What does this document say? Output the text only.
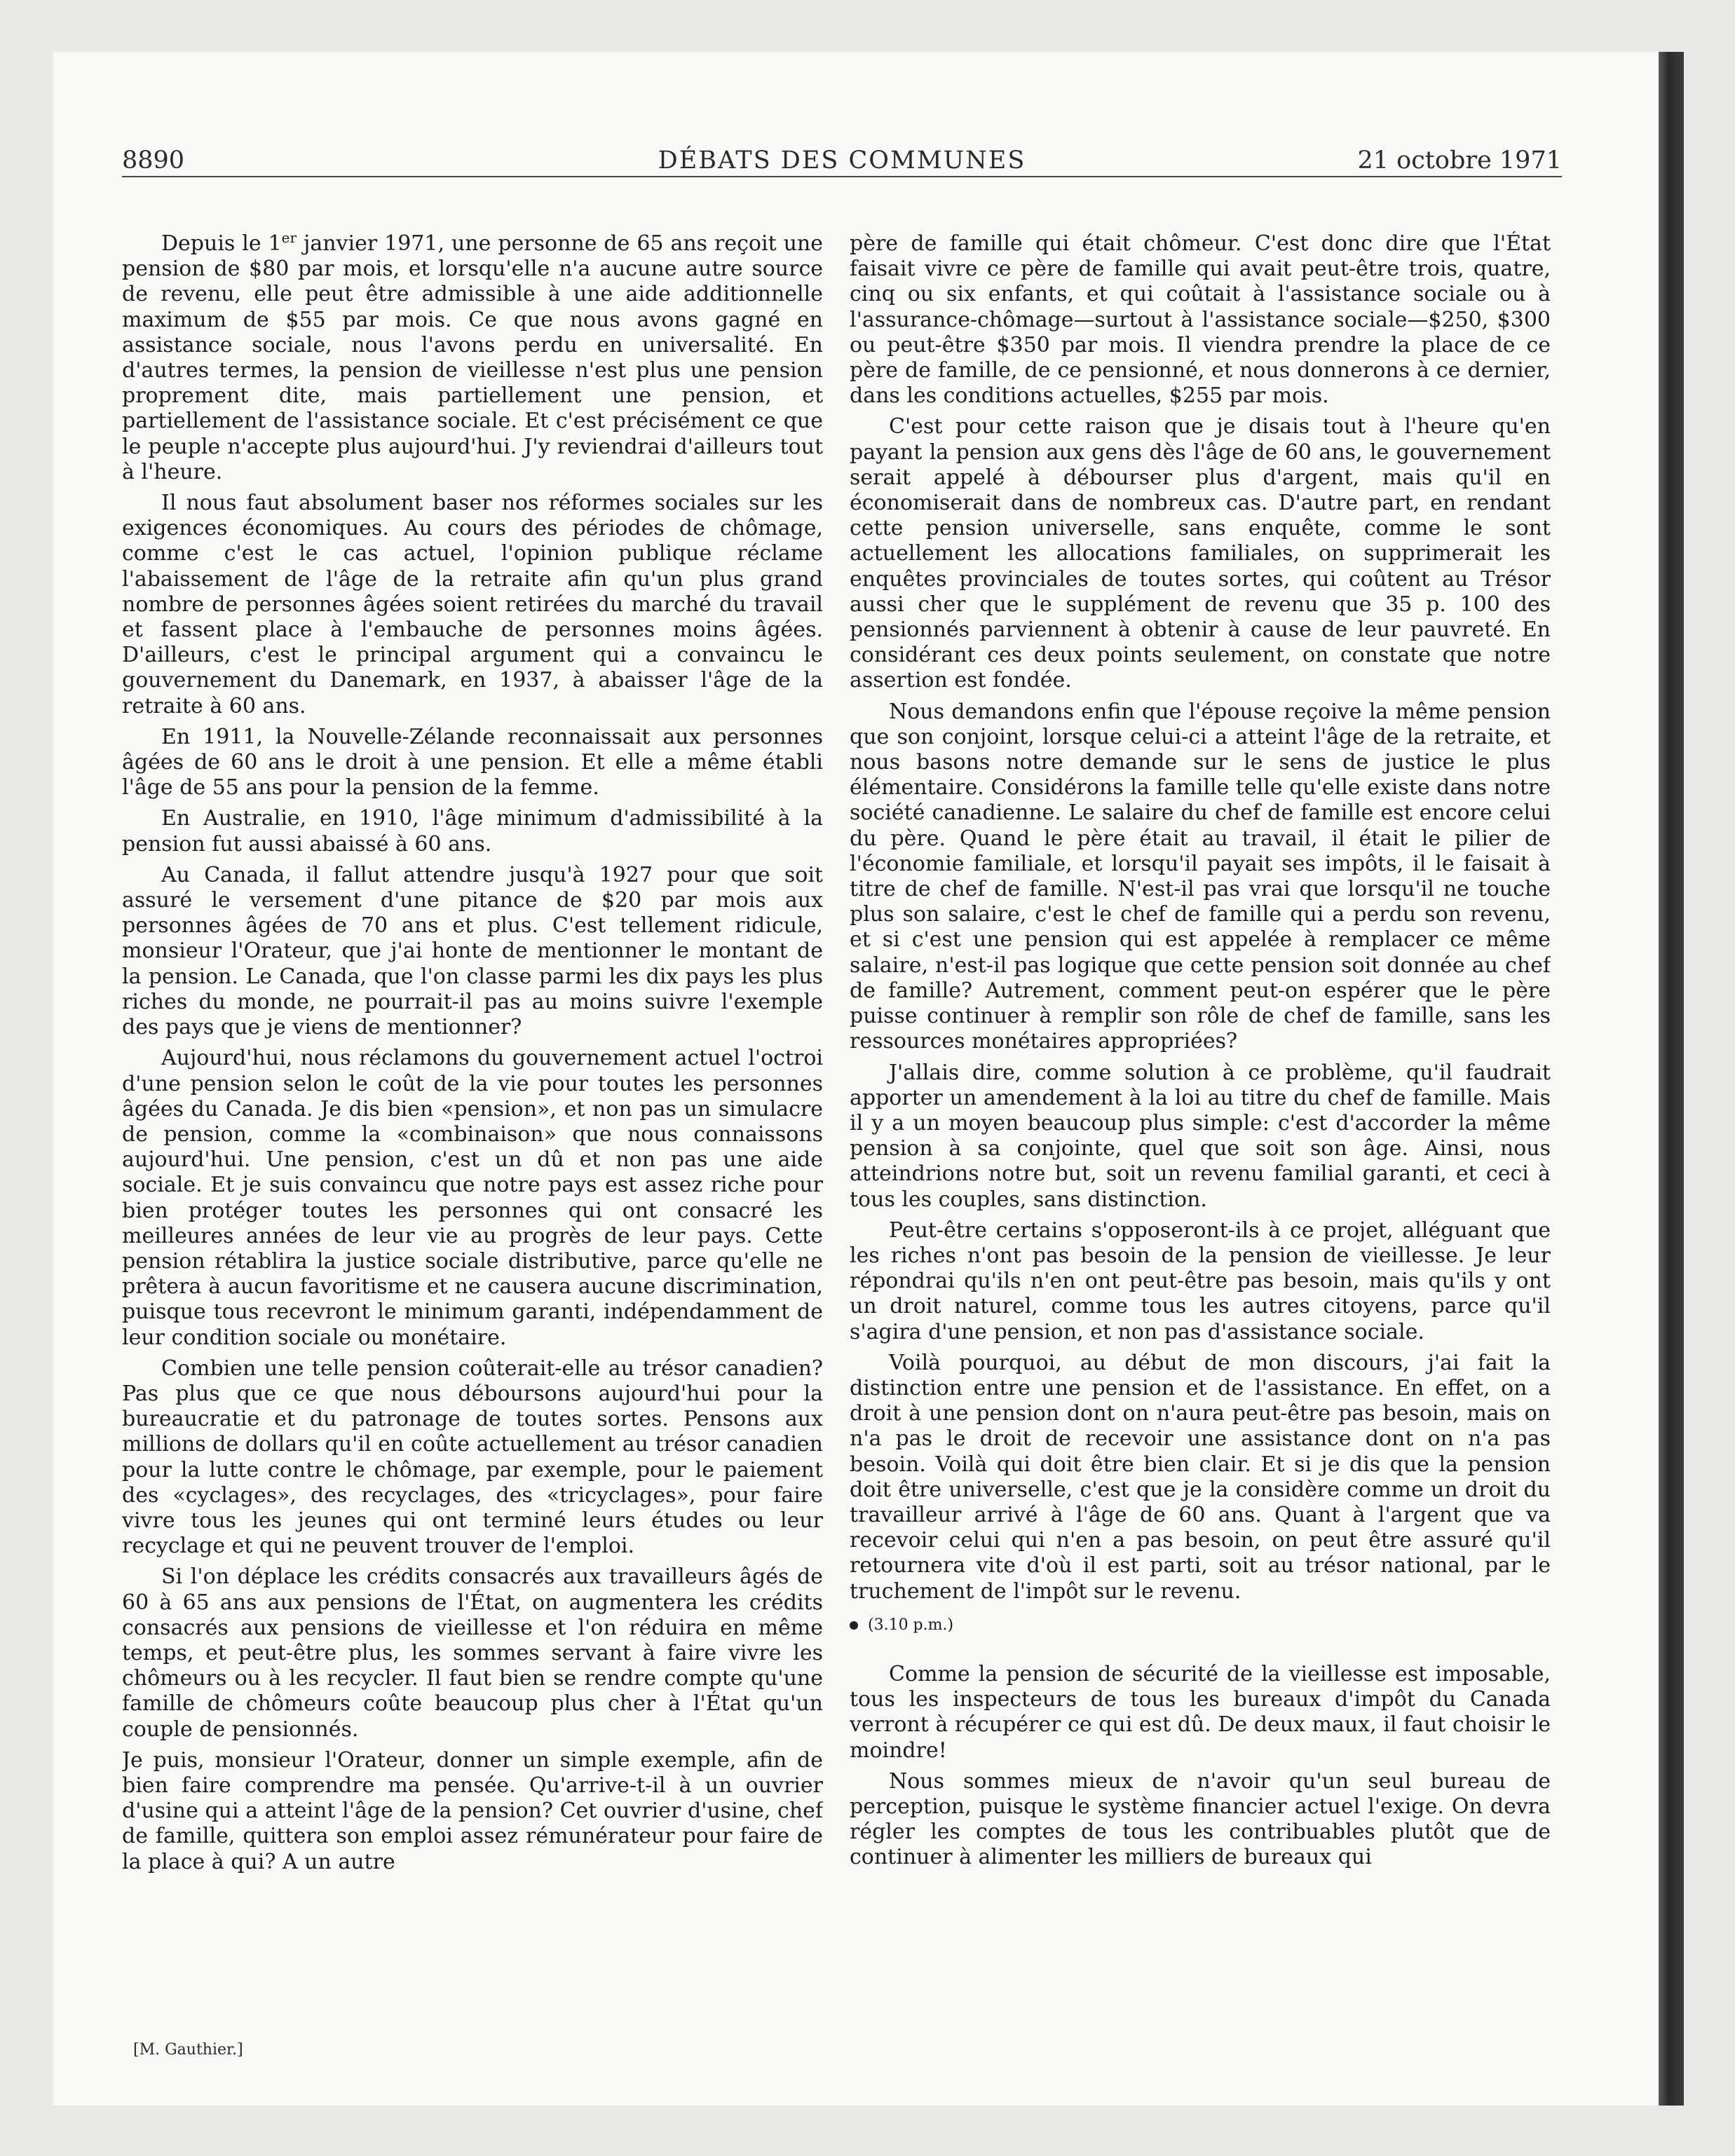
8890	DÉBATS DES COMMUNES	21 octobre 1971

Depuis le 1er janvier 1971, une personne de 65 ans reçoit une pension de $80 par mois, et lorsqu'elle n'a aucune autre source de revenu, elle peut être admissible à une aide additionnelle maximum de $55 par mois. Ce que nous avons gagné en assistance sociale, nous l'avons perdu en universalité. En d'autres termes, la pension de vieillesse n'est plus une pension proprement dite, mais partiellement une pension, et partiellement de l'assistance sociale. Et c'est précisément ce que le peuple n'accepte plus aujourd'hui. J'y reviendrai d'ailleurs tout à l'heure.

Il nous faut absolument baser nos réformes sociales sur les exigences économiques. Au cours des périodes de chômage, comme c'est le cas actuel, l'opinion publique réclame l'abaissement de l'âge de la retraite afin qu'un plus grand nombre de personnes âgées soient retirées du marché du travail et fassent place à l'embauche de personnes moins âgées. D'ailleurs, c'est le principal argument qui a convaincu le gouvernement du Danemark, en 1937, à abaisser l'âge de la retraite à 60 ans.

En 1911, la Nouvelle-Zélande reconnaissait aux personnes âgées de 60 ans le droit à une pension. Et elle a même établi l'âge de 55 ans pour la pension de la femme.

En Australie, en 1910, l'âge minimum d'admissibilité à la pension fut aussi abaissé à 60 ans.

Au Canada, il fallut attendre jusqu'à 1927 pour que soit assuré le versement d'une pitance de $20 par mois aux personnes âgées de 70 ans et plus. C'est tellement ridicule, monsieur l'Orateur, que j'ai honte de mentionner le montant de la pension. Le Canada, que l'on classe parmi les dix pays les plus riches du monde, ne pourrait-il pas au moins suivre l'exemple des pays que je viens de mentionner?

Aujourd'hui, nous réclamons du gouvernement actuel l'octroi d'une pension selon le coût de la vie pour toutes les personnes âgées du Canada. Je dis bien «pension», et non pas un simulacre de pension, comme la «combinaison» que nous connaissons aujourd'hui. Une pension, c'est un dû et non pas une aide sociale. Et je suis convaincu que notre pays est assez riche pour bien protéger toutes les personnes qui ont consacré les meilleures années de leur vie au progrès de leur pays. Cette pension rétablira la justice sociale distributive, parce qu'elle ne prêtera à aucun favoritisme et ne causera aucune discrimination, puisque tous recevront le minimum garanti, indépendamment de leur condition sociale ou monétaire.

Combien une telle pension coûterait-elle au trésor canadien? Pas plus que ce que nous déboursons aujourd'hui pour la bureaucratie et du patronage de toutes sortes. Pensons aux millions de dollars qu'il en coûte actuellement au trésor canadien pour la lutte contre le chômage, par exemple, pour le paiement des «cyclages», des recyclages, des «tricyclages», pour faire vivre tous les jeunes qui ont terminé leurs études ou leur recyclage et qui ne peuvent trouver de l'emploi.

Si l'on déplace les crédits consacrés aux travailleurs âgés de 60 à 65 ans aux pensions de l'État, on augmentera les crédits consacrés aux pensions de vieillesse et l'on réduira en même temps, et peut-être plus, les sommes servant à faire vivre les chômeurs ou à les recycler. Il faut bien se rendre compte qu'une famille de chômeurs coûte beaucoup plus cher à l'État qu'un couple de pensionnés.

Je puis, monsieur l'Orateur, donner un simple exemple, afin de bien faire comprendre ma pensée. Qu'arrive-t-il à un ouvrier d'usine qui a atteint l'âge de la pension? Cet ouvrier d'usine, chef de famille, quittera son emploi assez rémunérateur pour faire de la place à qui? A un autre

[M. Gauthier.]

père de famille qui était chômeur. C'est donc dire que l'État faisait vivre ce père de famille qui avait peut-être trois, quatre, cinq ou six enfants, et qui coûtait à l'assistance sociale ou à l'assurance-chômage—surtout à l'assistance sociale—$250, $300 ou peut-être $350 par mois. Il viendra prendre la place de ce père de famille, de ce pensionné, et nous donnerons à ce dernier, dans les conditions actuelles, $255 par mois.

C'est pour cette raison que je disais tout à l'heure qu'en payant la pension aux gens dès l'âge de 60 ans, le gouvernement serait appelé à débourser plus d'argent, mais qu'il en économiserait dans de nombreux cas. D'autre part, en rendant cette pension universelle, sans enquête, comme le sont actuellement les allocations familiales, on supprimerait les enquêtes provinciales de toutes sortes, qui coûtent au Trésor aussi cher que le supplément de revenu que 35 p. 100 des pensionnés parviennent à obtenir à cause de leur pauvreté. En considérant ces deux points seulement, on constate que notre assertion est fondée.

Nous demandons enfin que l'épouse reçoive la même pension que son conjoint, lorsque celui-ci a atteint l'âge de la retraite, et nous basons notre demande sur le sens de justice le plus élémentaire. Considérons la famille telle qu'elle existe dans notre société canadienne. Le salaire du chef de famille est encore celui du père. Quand le père était au travail, il était le pilier de l'économie familiale, et lorsqu'il payait ses impôts, il le faisait à titre de chef de famille. N'est-il pas vrai que lorsqu'il ne touche plus son salaire, c'est le chef de famille qui a perdu son revenu, et si c'est une pension qui est appelée à remplacer ce même salaire, n'est-il pas logique que cette pension soit donnée au chef de famille? Autrement, comment peut-on espérer que le père puisse continuer à remplir son rôle de chef de famille, sans les ressources monétaires appropriées?

J'allais dire, comme solution à ce problème, qu'il faudrait apporter un amendement à la loi au titre du chef de famille. Mais il y a un moyen beaucoup plus simple: c'est d'accorder la même pension à sa conjointe, quel que soit son âge. Ainsi, nous atteindrions notre but, soit un revenu familial garanti, et ceci à tous les couples, sans distinction.

Peut-être certains s'opposeront-ils à ce projet, alléguant que les riches n'ont pas besoin de la pension de vieillesse. Je leur répondrai qu'ils n'en ont peut-être pas besoin, mais qu'ils y ont un droit naturel, comme tous les autres citoyens, parce qu'il s'agira d'une pension, et non pas d'assistance sociale.

Voilà pourquoi, au début de mon discours, j'ai fait la distinction entre une pension et de l'assistance. En effet, on a droit à une pension dont on n'aura peut-être pas besoin, mais on n'a pas le droit de recevoir une assistance dont on n'a pas besoin. Voilà qui doit être bien clair. Et si je dis que la pension doit être universelle, c'est que je la considère comme un droit du travailleur arrivé à l'âge de 60 ans. Quant à l'argent que va recevoir celui qui n'en a pas besoin, on peut être assuré qu'il retournera vite d'où il est parti, soit au trésor national, par le truchement de l'impôt sur le revenu.

(3.10 p.m.)

Comme la pension de sécurité de la vieillesse est imposable, tous les inspecteurs de tous les bureaux d'impôt du Canada verront à récupérer ce qui est dû. De deux maux, il faut choisir le moindre!

Nous sommes mieux de n'avoir qu'un seul bureau de perception, puisque le système financier actuel l'exige. On devra régler les comptes de tous les contribuables plutôt que de continuer à alimenter les milliers de bureaux qui
